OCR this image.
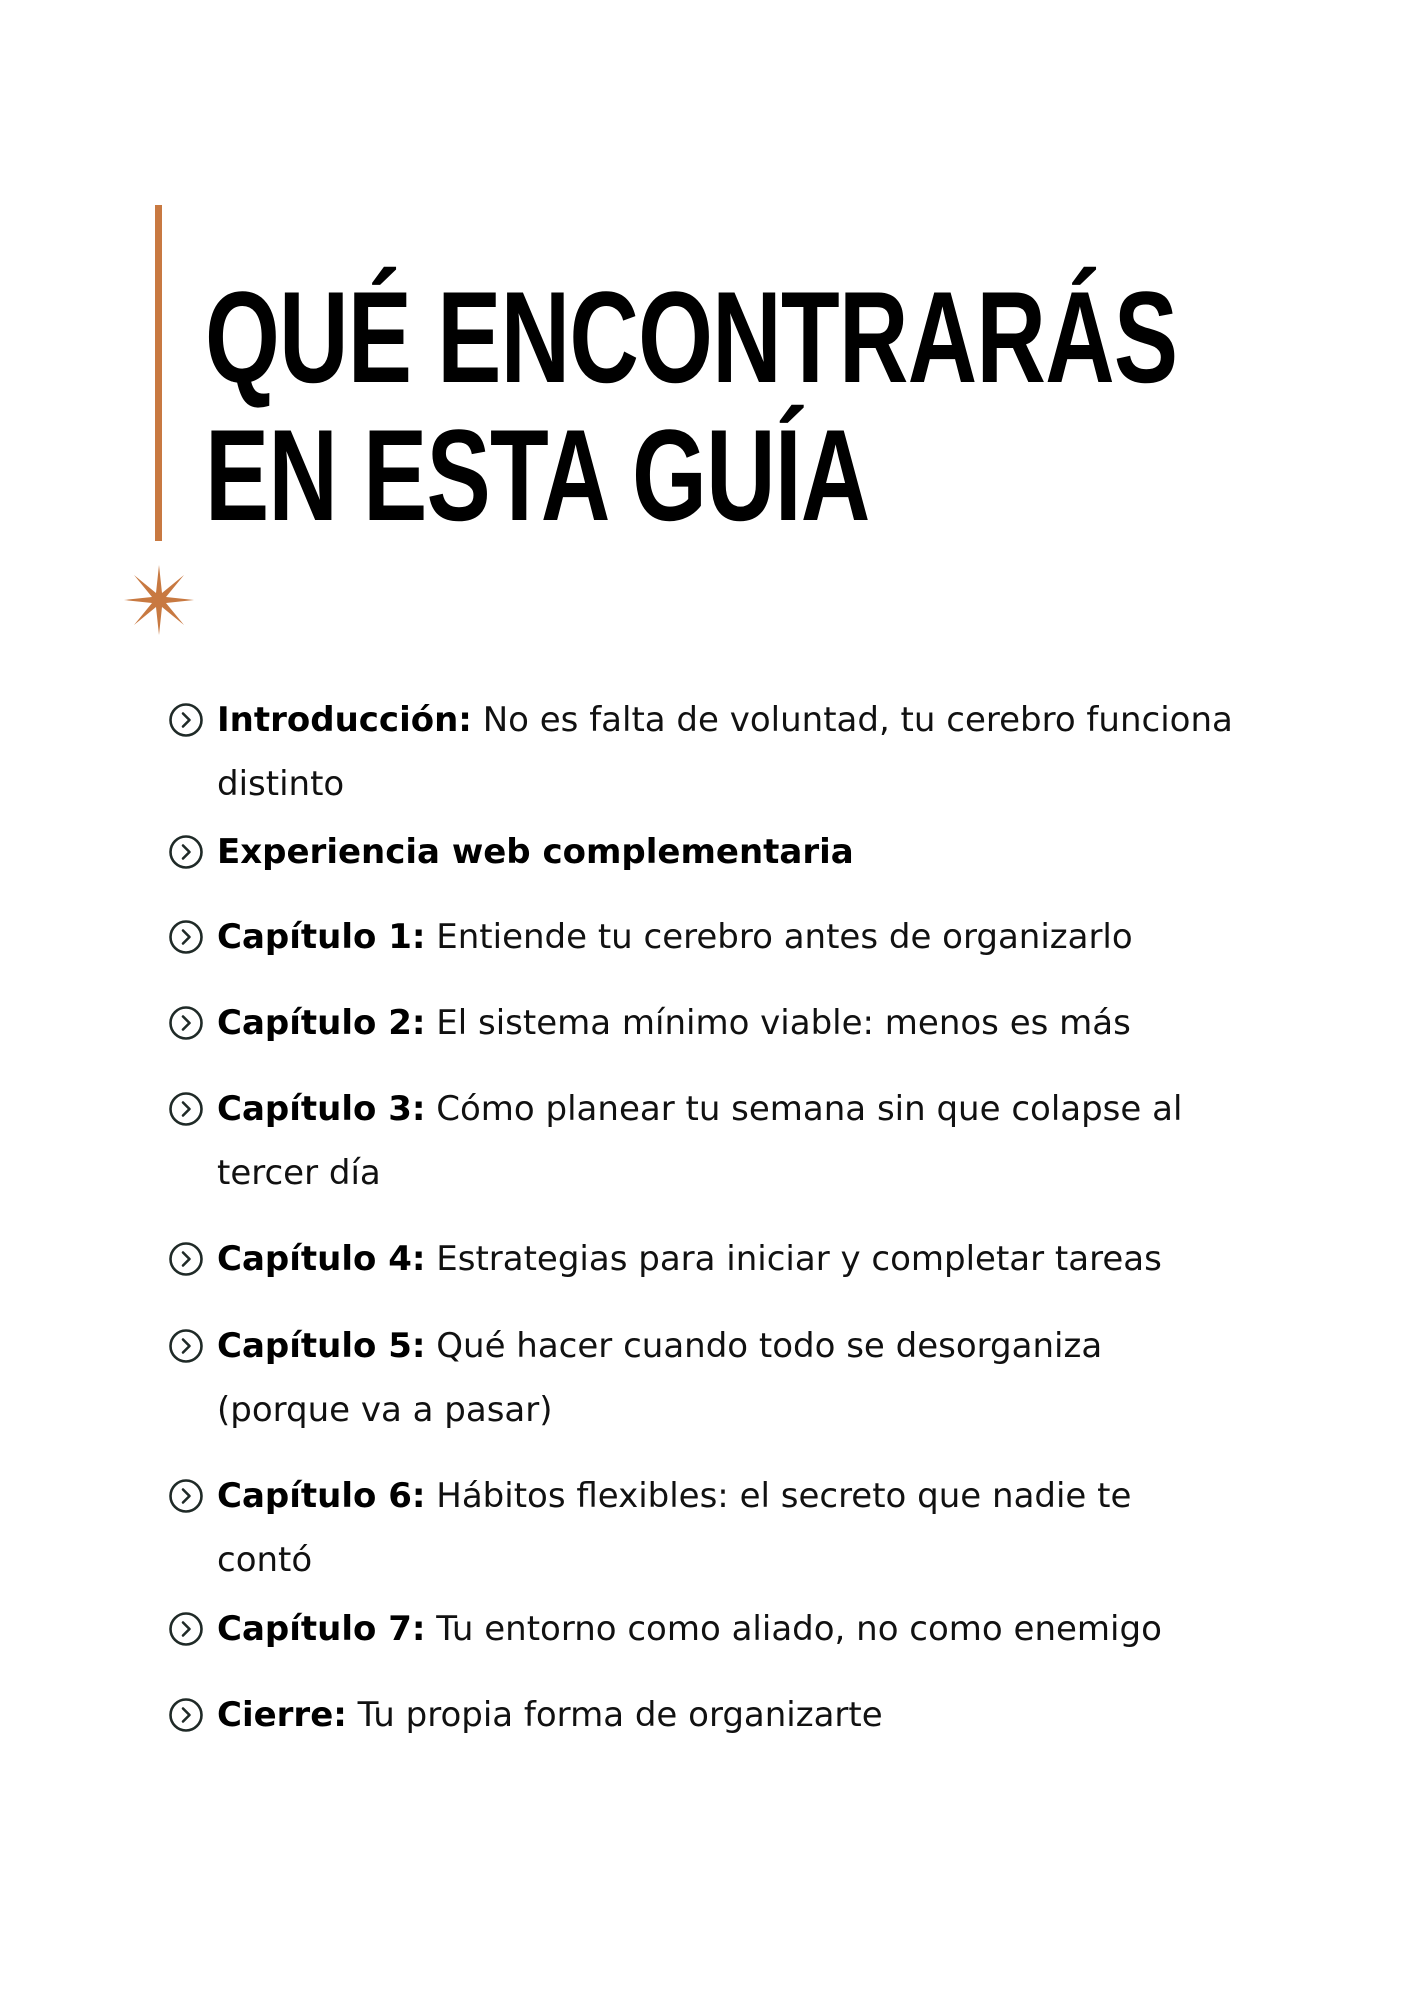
QUÉ ENCONTRARÁS
EN ESTA GUÍA
Introducción: No es falta de voluntad, tu cerebro funciona distinto
Experiencia web complementaria
Capítulo 1: Entiende tu cerebro antes de organizarlo
Capítulo 2: El sistema mínimo viable: menos es más
Capítulo 3: Cómo planear tu semana sin que colapse al tercer día
Capítulo 4: Estrategias para iniciar y completar tareas
Capítulo 5: Qué hacer cuando todo se desorganiza (porque va a pasar)
Capítulo 6: Hábitos flexibles: el secreto que nadie te contó
Capítulo 7: Tu entorno como aliado, no como enemigo
Cierre: Tu propia forma de organizarte
